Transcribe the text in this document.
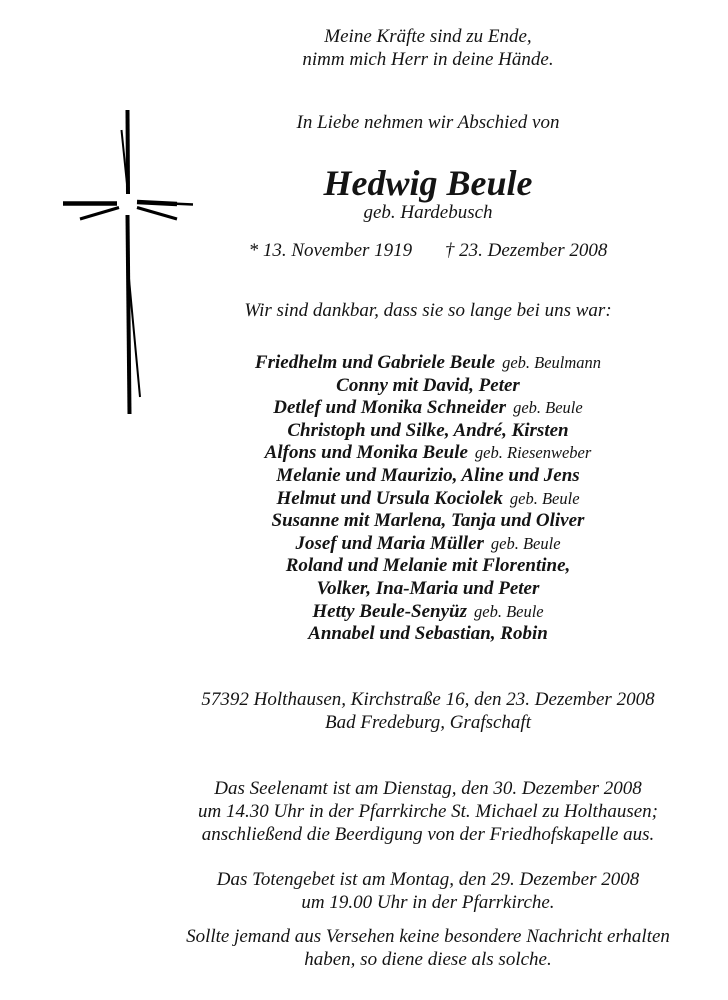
Meine Kräfte sind zu Ende,
nimm mich Herr in deine Hände.
In Liebe nehmen wir Abschied von
Hedwig Beule
geb. Hardebusch
* 13. November 1919 † 23. Dezember 2008
Wir sind dankbar, dass sie so lange bei uns war:
Friedhelm und Gabriele Beule geb. Beulmann
Conny mit David, Peter
Detlef und Monika Schneider geb. Beule
Christoph und Silke, André, Kirsten
Alfons und Monika Beule geb. Riesenweber
Melanie und Maurizio, Aline und Jens
Helmut und Ursula Kociolek geb. Beule
Susanne mit Marlena, Tanja und Oliver
Josef und Maria Müller geb. Beule
Roland und Melanie mit Florentine,
Volker, Ina-Maria und Peter
Hetty Beule-Senyüz geb. Beule
Annabel und Sebastian, Robin
57392 Holthausen, Kirchstraße 16, den 23. Dezember 2008
Bad Fredeburg, Grafschaft
Das Seelenamt ist am Dienstag, den 30. Dezember 2008
um 14.30 Uhr in der Pfarrkirche St. Michael zu Holthausen;
anschließend die Beerdigung von der Friedhofskapelle aus.
Das Totengebet ist am Montag, den 29. Dezember 2008
um 19.00 Uhr in der Pfarrkirche.
Sollte jemand aus Versehen keine besondere Nachricht erhalten
haben, so diene diese als solche.
